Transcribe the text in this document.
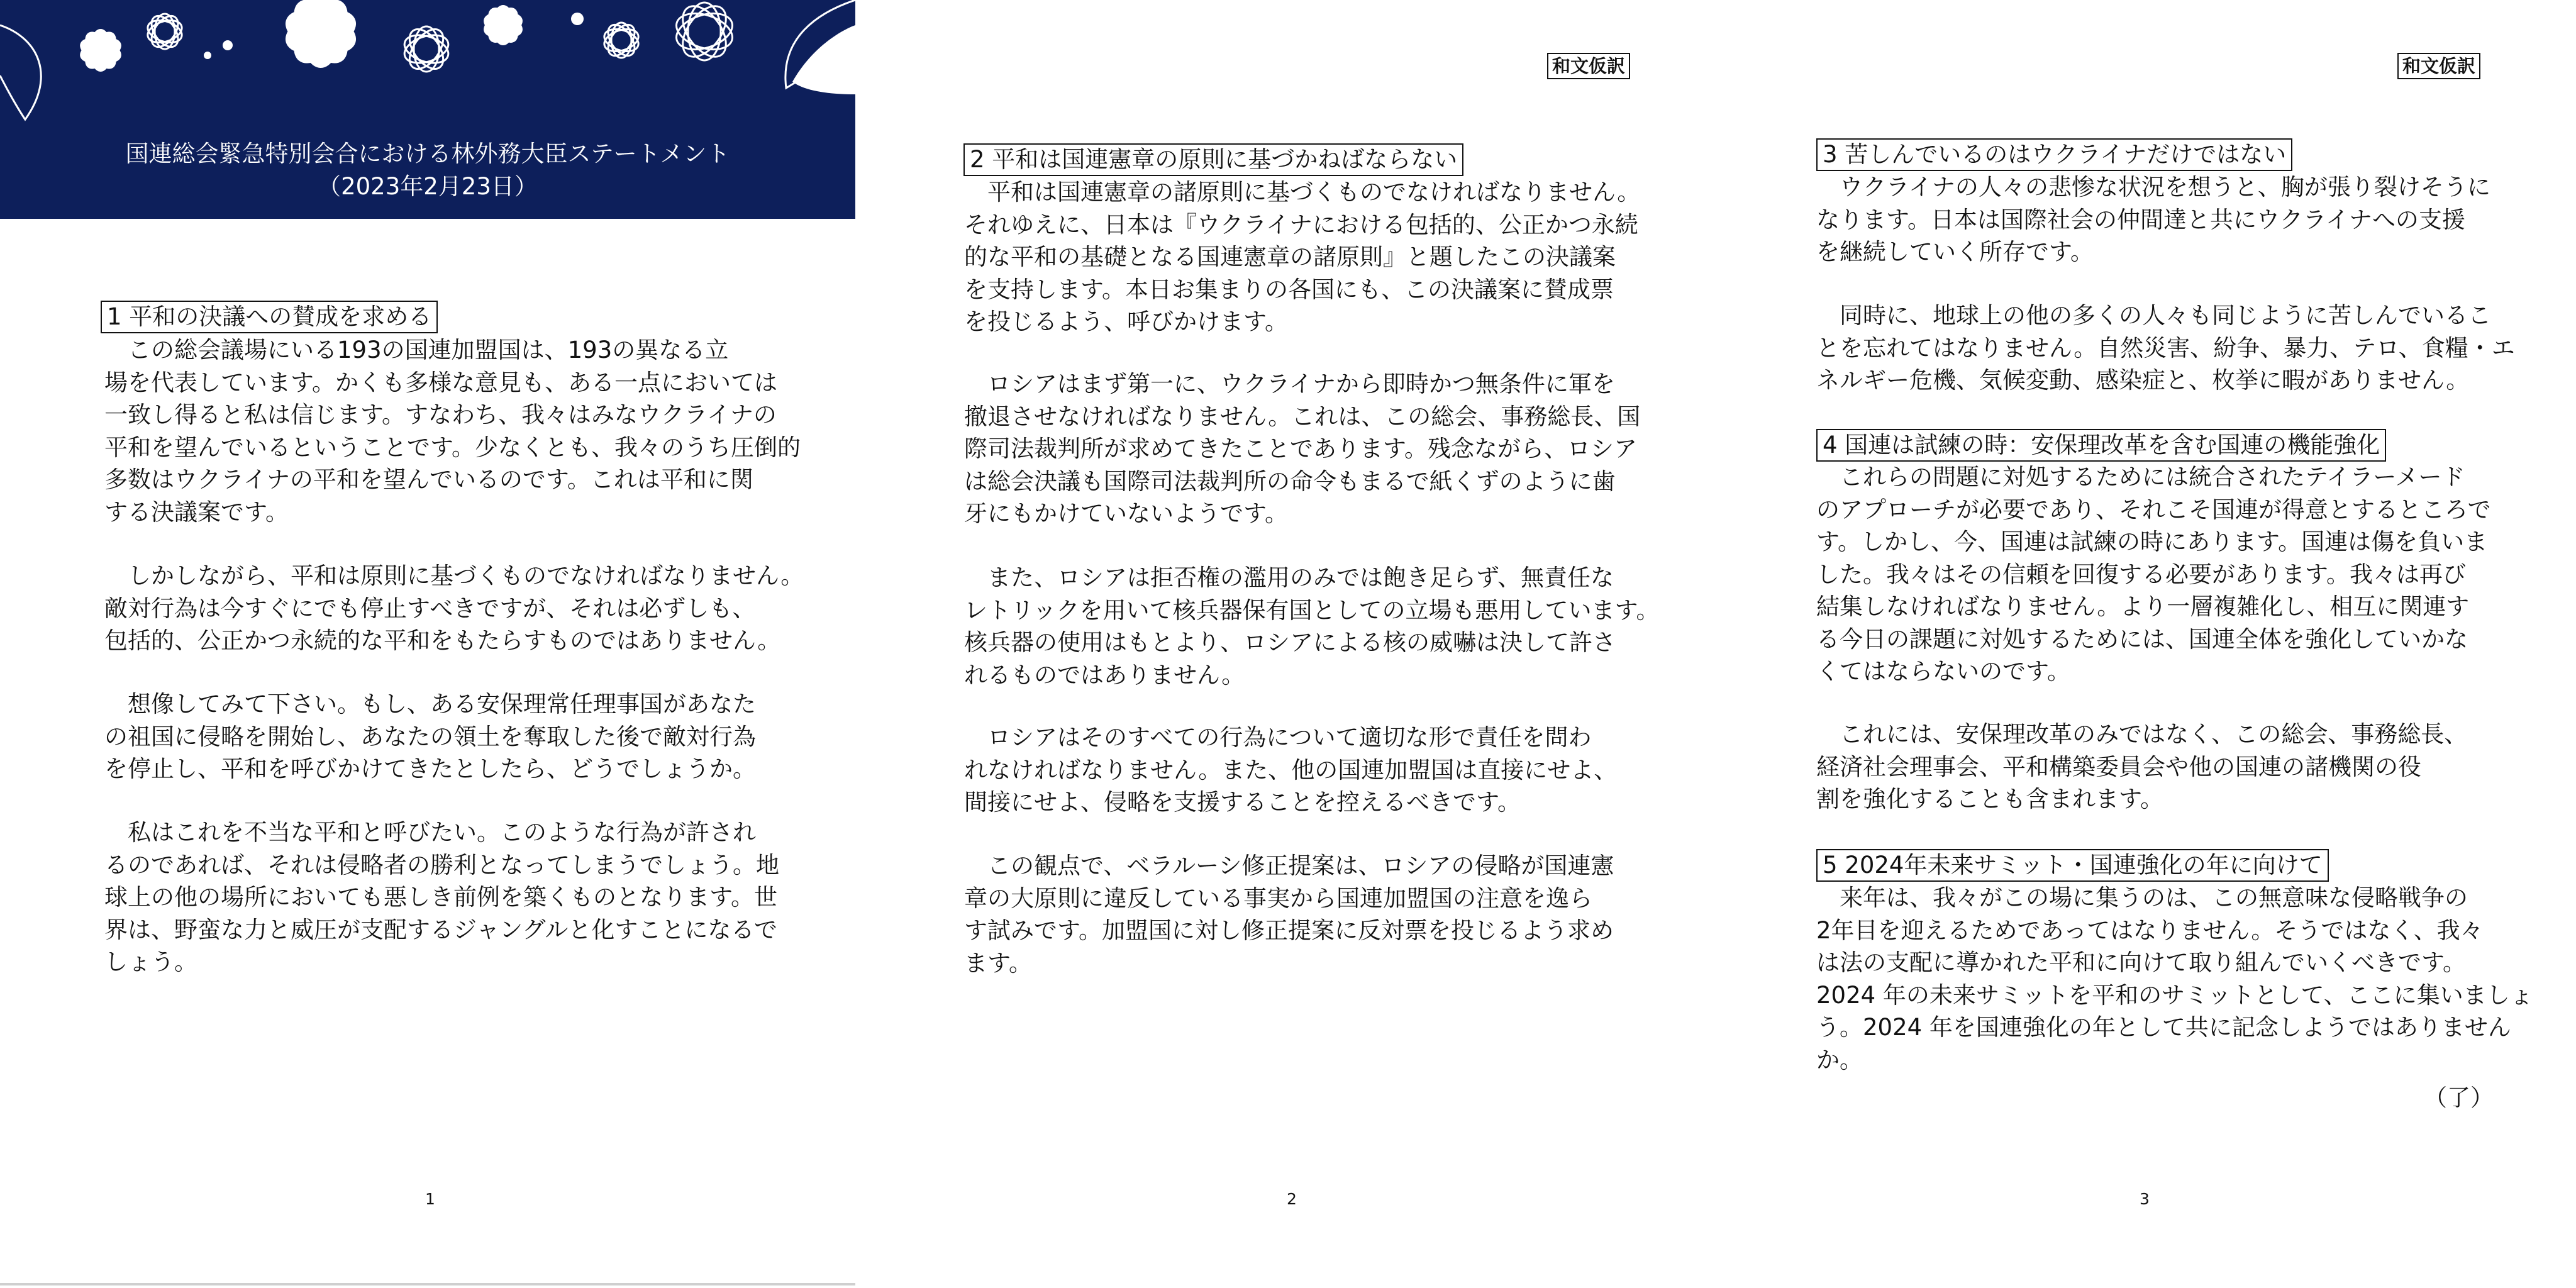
国連総会緊急特別会合における林外務大臣ステートメント
（2023年2月23日）
1 平和の決議への賛成を求める
この総会議場にいる193の国連加盟国は、193の異なる立
場を代表しています。かくも多様な意見も、ある一点においては
一致し得ると私は信じます。すなわち、我々はみなウクライナの
平和を望んでいるということです。少なくとも、我々のうち圧倒的
多数はウクライナの平和を望んでいるのです。これは平和に関
する決議案です。
しかしながら、平和は原則に基づくものでなければなりません。
敵対行為は今すぐにでも停止すべきですが、それは必ずしも、
包括的、公正かつ永続的な平和をもたらすものではありません。
想像してみて下さい。もし、ある安保理常任理事国があなた
の祖国に侵略を開始し、あなたの領土を奪取した後で敵対行為
を停止し、平和を呼びかけてきたとしたら、どうでしょうか。
私はこれを不当な平和と呼びたい。このような行為が許され
るのであれば、それは侵略者の勝利となってしまうでしょう。地
球上の他の場所においても悪しき前例を築くものとなります。世
界は、野蛮な力と威圧が支配するジャングルと化すことになるで
しょう。
1
和文仮訳
2 平和は国連憲章の原則に基づかねばならない
平和は国連憲章の諸原則に基づくものでなければなりません。
それゆえに、日本は『ウクライナにおける包括的、公正かつ永続
的な平和の基礎となる国連憲章の諸原則』と題したこの決議案
を支持します。本日お集まりの各国にも、この決議案に賛成票
を投じるよう、呼びかけます。
ロシアはまず第一に、ウクライナから即時かつ無条件に軍を
撤退させなければなりません。これは、この総会、事務総長、国
際司法裁判所が求めてきたことであります。残念ながら、ロシア
は総会決議も国際司法裁判所の命令もまるで紙くずのように歯
牙にもかけていないようです。
また、ロシアは拒否権の濫用のみでは飽き足らず、無責任な
レトリックを用いて核兵器保有国としての立場も悪用しています。
核兵器の使用はもとより、ロシアによる核の威嚇は決して許さ
れるものではありません。
ロシアはそのすべての行為について適切な形で責任を問わ
れなければなりません。また、他の国連加盟国は直接にせよ、
間接にせよ、侵略を支援することを控えるべきです。
この観点で、ベラルーシ修正提案は、ロシアの侵略が国連憲
章の大原則に違反している事実から国連加盟国の注意を逸ら
す試みです。加盟国に対し修正提案に反対票を投じるよう求め
ます。
2
和文仮訳
3 苦しんでいるのはウクライナだけではない
ウクライナの人々の悲惨な状況を想うと、胸が張り裂けそうに
なります。日本は国際社会の仲間達と共にウクライナへの支援
を継続していく所存です。
同時に、地球上の他の多くの人々も同じように苦しんでいるこ
とを忘れてはなりません。自然災害、紛争、暴力、テロ、食糧・エ
ネルギー危機、気候変動、感染症と、枚挙に暇がありません。
4 国連は試練の時：安保理改革を含む国連の機能強化
これらの問題に対処するためには統合されたテイラーメード
のアプローチが必要であり、それこそ国連が得意とするところで
す。しかし、今、国連は試練の時にあります。国連は傷を負いま
した。我々はその信頼を回復する必要があります。我々は再び
結集しなければなりません。より一層複雑化し、相互に関連す
る今日の課題に対処するためには、国連全体を強化していかな
くてはならないのです。
これには、安保理改革のみではなく、この総会、事務総長、
経済社会理事会、平和構築委員会や他の国連の諸機関の役
割を強化することも含まれます。
5 2024年未来サミット・国連強化の年に向けて
来年は、我々がこの場に集うのは、この無意味な侵略戦争の
2年目を迎えるためであってはなりません。そうではなく、我々
は法の支配に導かれた平和に向けて取り組んでいくべきです。
2024 年の未来サミットを平和のサミットとして、ここに集いましょ
う。2024 年を国連強化の年として共に記念しようではありません
か。
（了）
3
